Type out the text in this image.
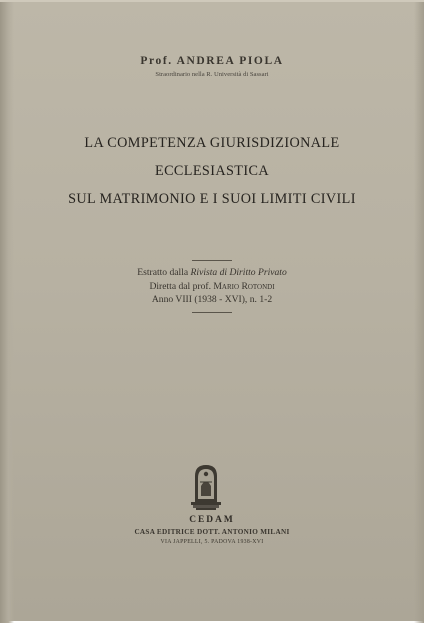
Prof. ANDREA PIOLA
Straordinario nella R. Università di Sassari
LA COMPETENZA GIURISDIZIONALE
ECCLESIASTICA
SUL MATRIMONIO E I SUOI LIMITI CIVILI
Estratto dalla Rivista di Diritto Privato
Diretta dal prof. Mario Rotondi
Anno VIII (1938 - XVI), n. 1-2
CEDAM
CASA EDITRICE DOTT. ANTONIO MILANI
VIA JAPPELLI, 5. PADOVA 1938-XVI
